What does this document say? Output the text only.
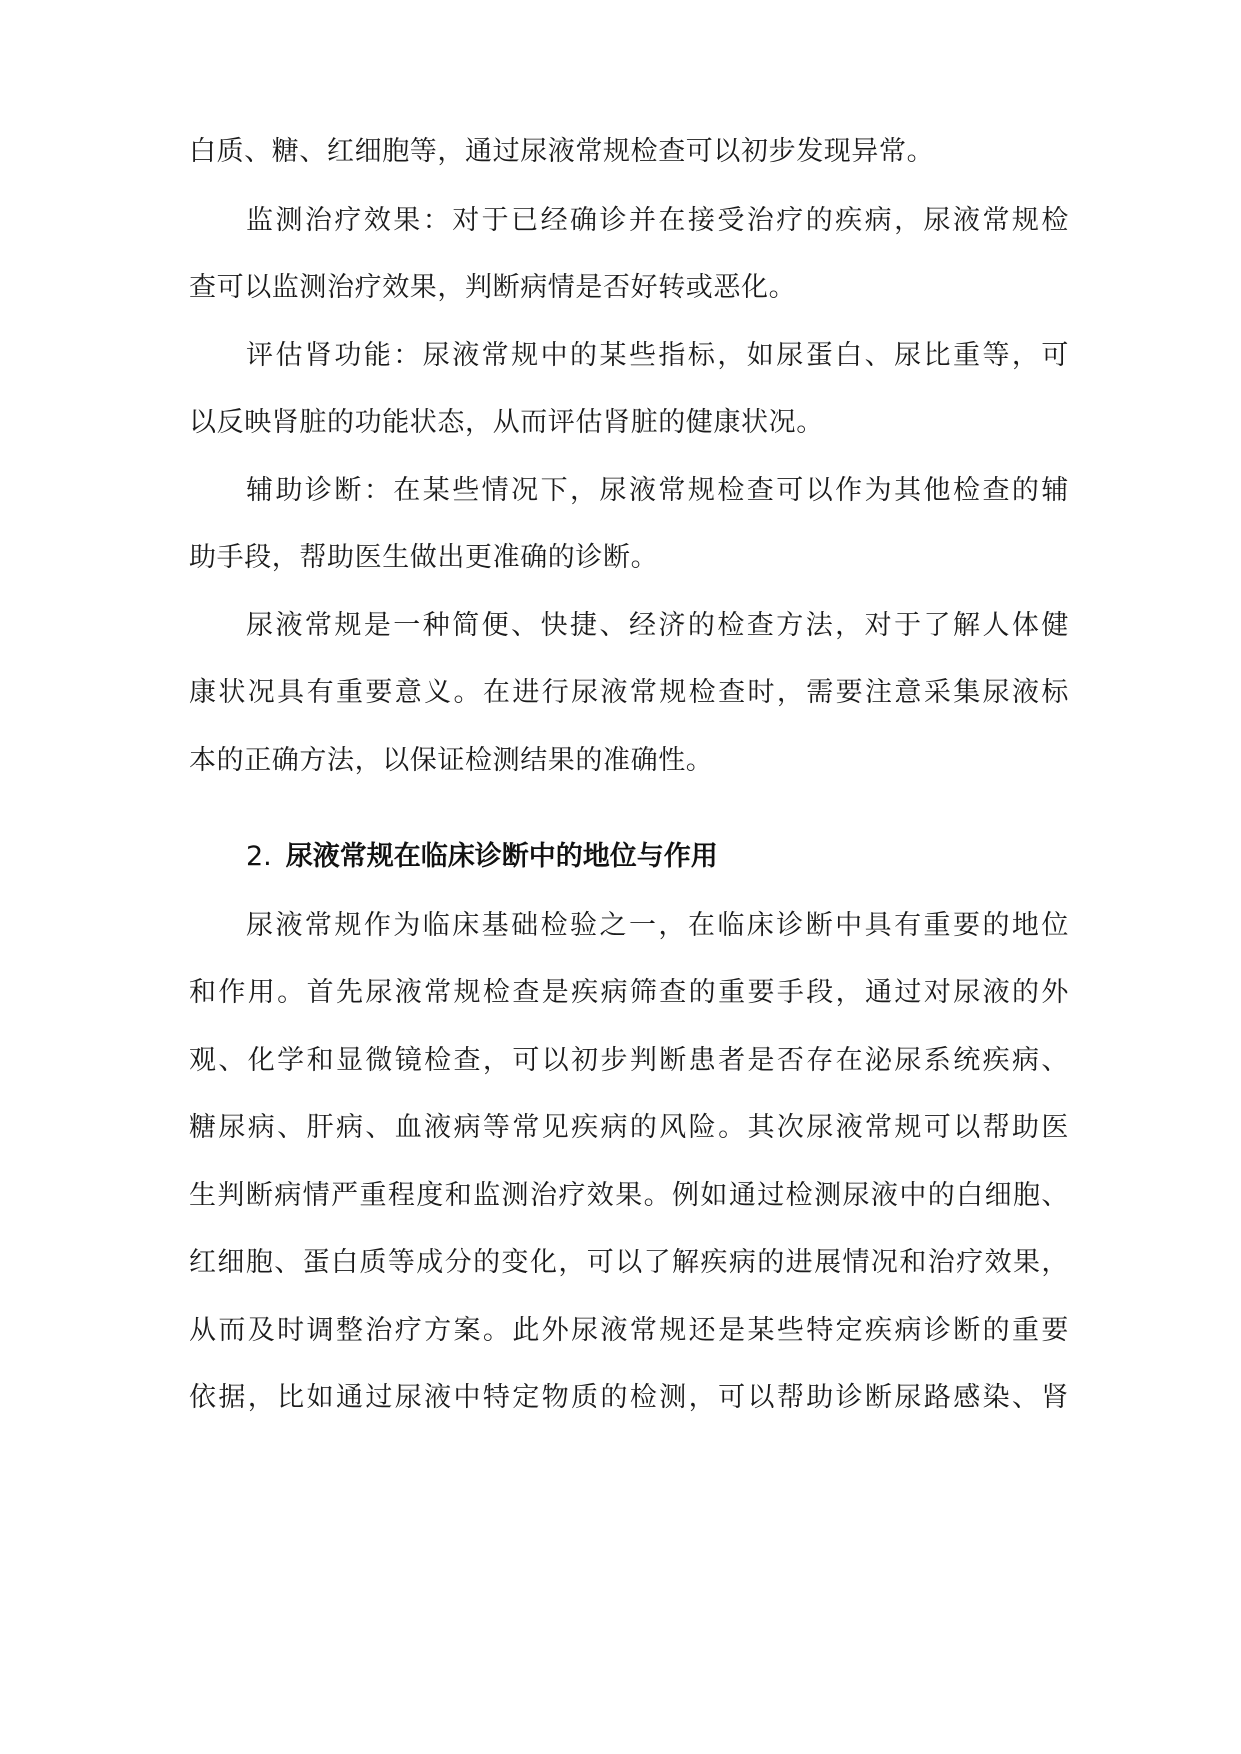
白质、糖、红细胞等，通过尿液常规检查可以初步发现异常。
监测治疗效果：对于已经确诊并在接受治疗的疾病，尿液常规检
查可以监测治疗效果，判断病情是否好转或恶化。
评估肾功能：尿液常规中的某些指标，如尿蛋白、尿比重等，可
以反映肾脏的功能状态，从而评估肾脏的健康状况。
辅助诊断：在某些情况下，尿液常规检查可以作为其他检查的辅
助手段，帮助医生做出更准确的诊断。
尿液常规是一种简便、快捷、经济的检查方法，对于了解人体健
康状况具有重要意义。在进行尿液常规检查时，需要注意采集尿液标
本的正确方法，以保证检测结果的准确性。
2. 尿液常规在临床诊断中的地位与作用
尿液常规作为临床基础检验之一，在临床诊断中具有重要的地位
和作用。首先尿液常规检查是疾病筛查的重要手段，通过对尿液的外
观、化学和显微镜检查，可以初步判断患者是否存在泌尿系统疾病、
糖尿病、肝病、血液病等常见疾病的风险。其次尿液常规可以帮助医
生判断病情严重程度和监测治疗效果。例如通过检测尿液中的白细胞、
红细胞、蛋白质等成分的变化，可以了解疾病的进展情况和治疗效果，
从而及时调整治疗方案。此外尿液常规还是某些特定疾病诊断的重要
依据，比如通过尿液中特定物质的检测，可以帮助诊断尿路感染、肾
